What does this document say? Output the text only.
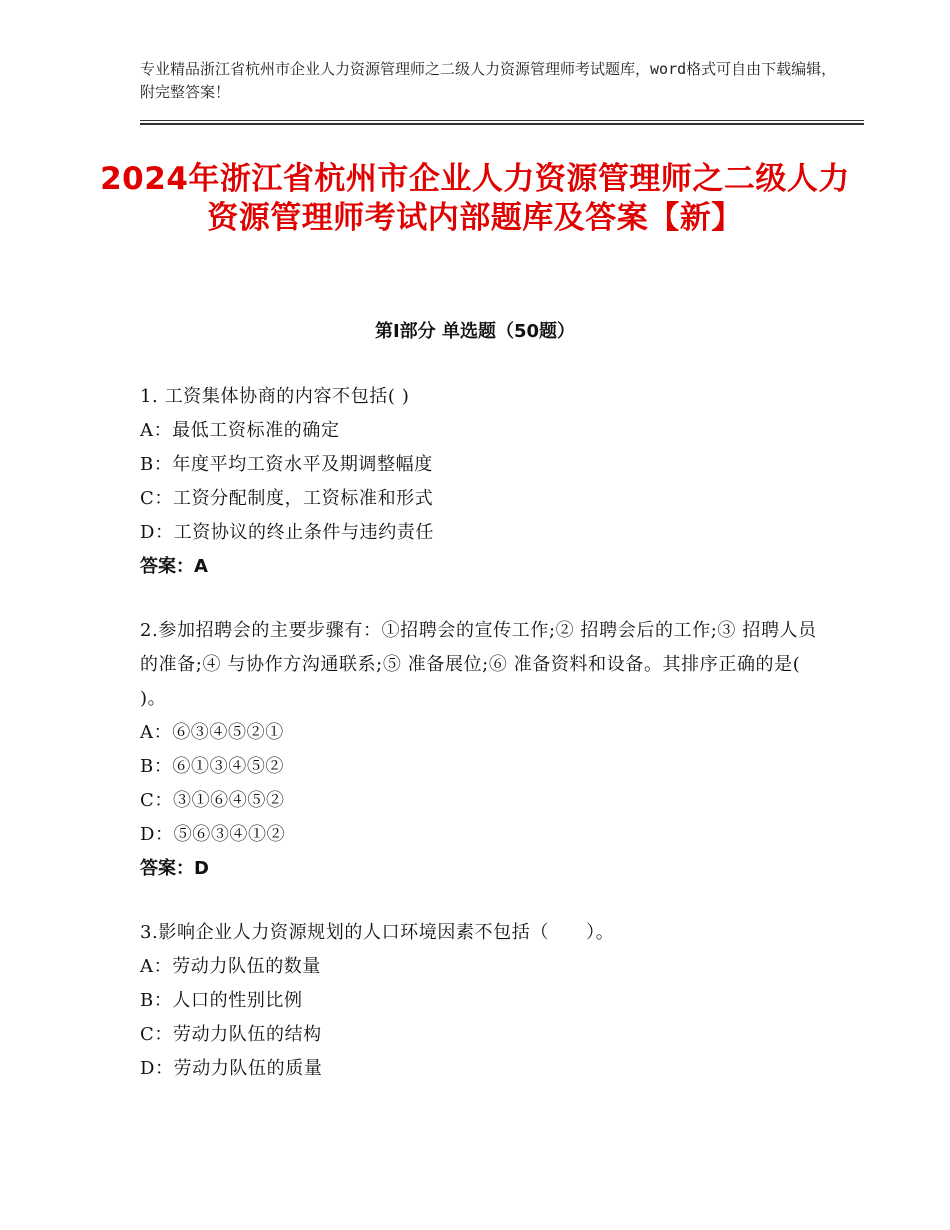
专业精品浙江省杭州市企业人力资源管理师之二级人力资源管理师考试题库，word格式可自由下载编辑，附完整答案！
2024年浙江省杭州市企业人力资源管理师之二级人力资源管理师考试内部题库及答案【新】
第Ⅰ部分 单选题（50题）
1. 工资集体协商的内容不包括( )
A：最低工资标准的确定
B：年度平均工资水平及期调整幅度
C：工资分配制度，工资标准和形式
D：工资协议的终止条件与违约责任
答案：A
2.参加招聘会的主要步骤有：①招聘会的宣传工作;② 招聘会后的工作;③ 招聘人员的准备;④ 与协作方沟通联系;⑤ 准备展位;⑥ 准备资料和设备。其排序正确的是( )。
A：⑥③④⑤②①
B：⑥①③④⑤②
C：③①⑥④⑤②
D：⑤⑥③④①②
答案：D
3.影响企业人力资源规划的人口环境因素不包括（　　）。
A：劳动力队伍的数量
B：人口的性别比例
C：劳动力队伍的结构
D：劳动力队伍的质量
